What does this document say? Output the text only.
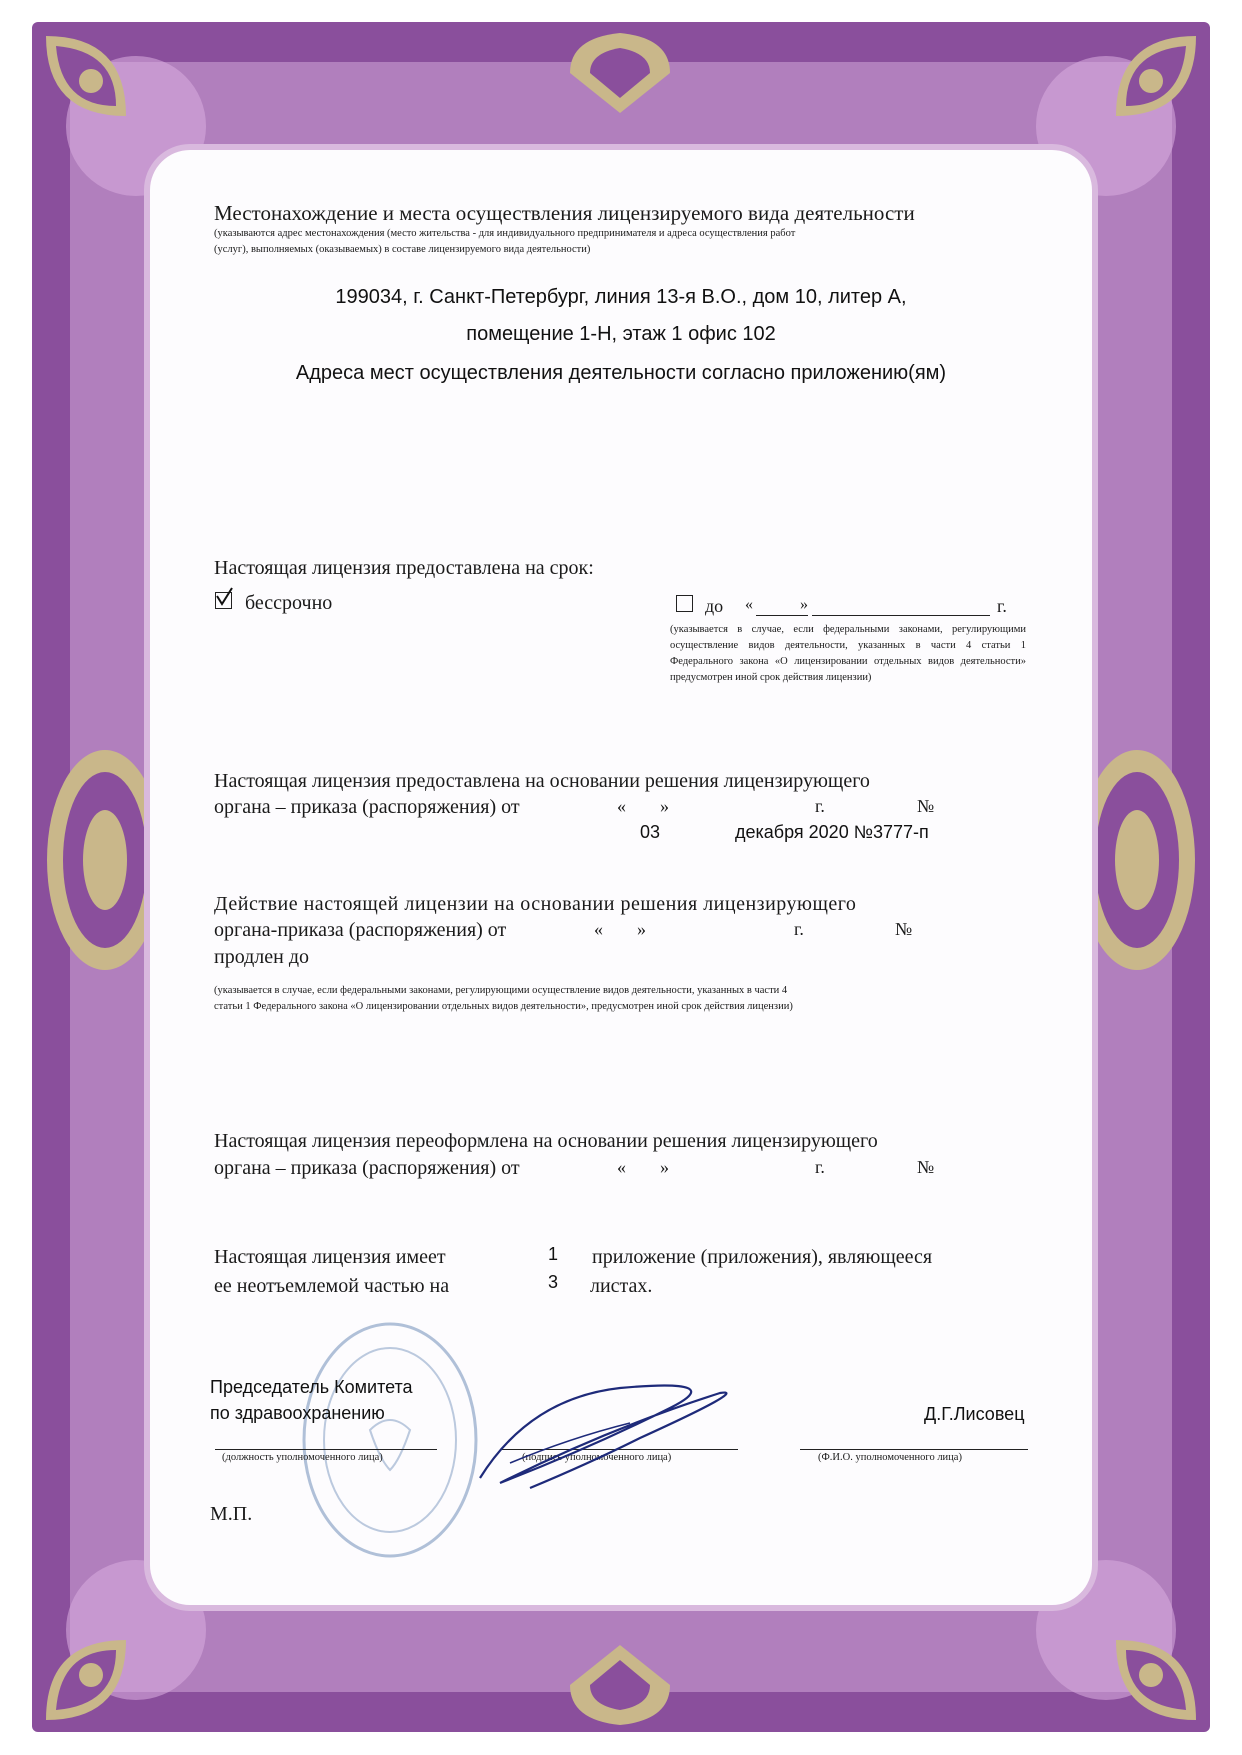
Местонахождение и места осуществления лицензируемого вида деятельности
(указываются адрес местонахождения (место жительства - для индивидуального предпринимателя и адреса осуществления работ
(услуг), выполняемых (оказываемых) в составе лицензируемого вида деятельности)
199034, г. Санкт-Петербург, линия 13-я В.О., дом 10, литер А,
помещение 1-Н, этаж 1 офис 102
Адреса мест осуществления деятельности согласно приложению(ям)
Настоящая лицензия предоставлена на срок:
бессрочно	до «	»	г.
(указывается в случае, если федеральными законами, регулирующими осуществление видов деятельности, указанных в части 4 статьи 1 Федерального закона «О лицензировании отдельных видов деятельности» предусмотрен иной срок действия лицензии)
Настоящая лицензия предоставлена на основании решения лицензирующего
органа – приказа (распоряжения) от	« »	г.	№
03	декабря 2020 №3777-п
Действие настоящей лицензии на основании решения лицензирующего
органа-приказа (распоряжения) от	« »	г.	№
продлен до
(указывается в случае, если федеральными законами, регулирующими осуществление видов деятельности, указанных в части 4 статьи 1 Федерального закона «О лицензировании отдельных видов деятельности», предусмотрен иной срок действия лицензии)
Настоящая лицензия переоформлена на основании решения лицензирующего
органа – приказа (распоряжения) от	« »	г.	№
Настоящая лицензия имеет
ее неотъемлемой частью на
1
3
приложение (приложения), являющееся
листах.
Председатель Комитета
по здравоохранению
(должность уполномоченного лица)	(подпись уполномоченного лица)
Д.Г.Лисовец
(Ф.И.О. уполномоченного лица)
М.П.
